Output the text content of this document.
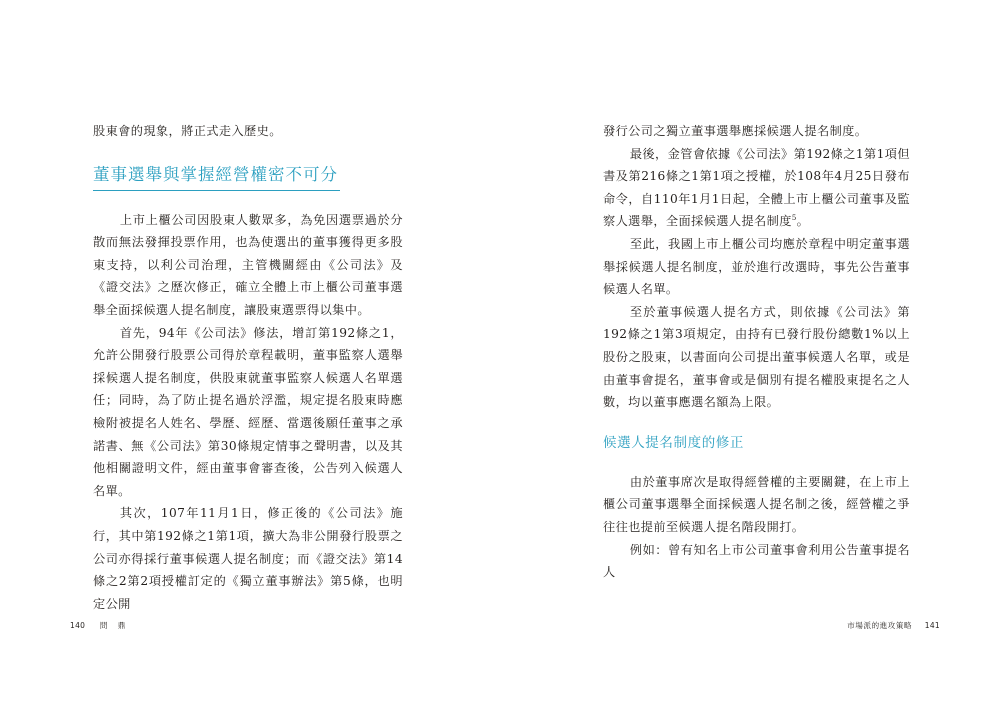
股東會的現象，將正式走入歷史。

董事選舉與掌握經營權密不可分

上市上櫃公司因股東人數眾多，為免因選票過於分散而無法發揮投票作用，也為使選出的董事獲得更多股東支持，以利公司治理，主管機關經由《公司法》及《證交法》之歷次修正，確立全體上市上櫃公司董事選舉全面採候選人提名制度，讓股東選票得以集中。

首先，94年《公司法》修法，增訂第192條之1，允許公開發行股票公司得於章程載明，董事監察人選舉採候選人提名制度，供股東就董事監察人候選人名單選任；同時，為了防止提名過於浮濫，規定提名股東時應檢附被提名人姓名、學歷、經歷、當選後願任董事之承諾書、無《公司法》第30條規定情事之聲明書，以及其他相關證明文件，經由董事會審查後，公告列入候選人名單。

其次，107年11月1日，修正後的《公司法》施行，其中第192條之1第1項，擴大為非公開發行股票之公司亦得採行董事候選人提名制度；而《證交法》第14條之2第2項授權訂定的《獨立董事辦法》第5條，也明定公開

140 問 鼎

發行公司之獨立董事選舉應採候選人提名制度。

最後，金管會依據《公司法》第192條之1第1項但書及第216條之1第1項之授權，於108年4月25日發布命令，自110年1月1日起，全體上市上櫃公司董事及監察人選舉，全面採候選人提名制度$^5$。

至此，我國上市上櫃公司均應於章程中明定董事選舉採候選人提名制度，並於進行改選時，事先公告董事候選人名單。

至於董事候選人提名方式，則依據《公司法》第192條之1第3項規定，由持有已發行股份總數1%以上股份之股東，以書面向公司提出董事候選人名單，或是由董事會提名，董事會或是個別有提名權股東提名之人數，均以董事應選名額為上限。

候選人提名制度的修正

由於董事席次是取得經營權的主要關鍵，在上市上櫃公司董事選舉全面採候選人提名制之後，經營權之爭往往也提前至候選人提名階段開打。

例如：曾有知名上市公司董事會利用公告董事提名人

市場派的進攻策略 141
